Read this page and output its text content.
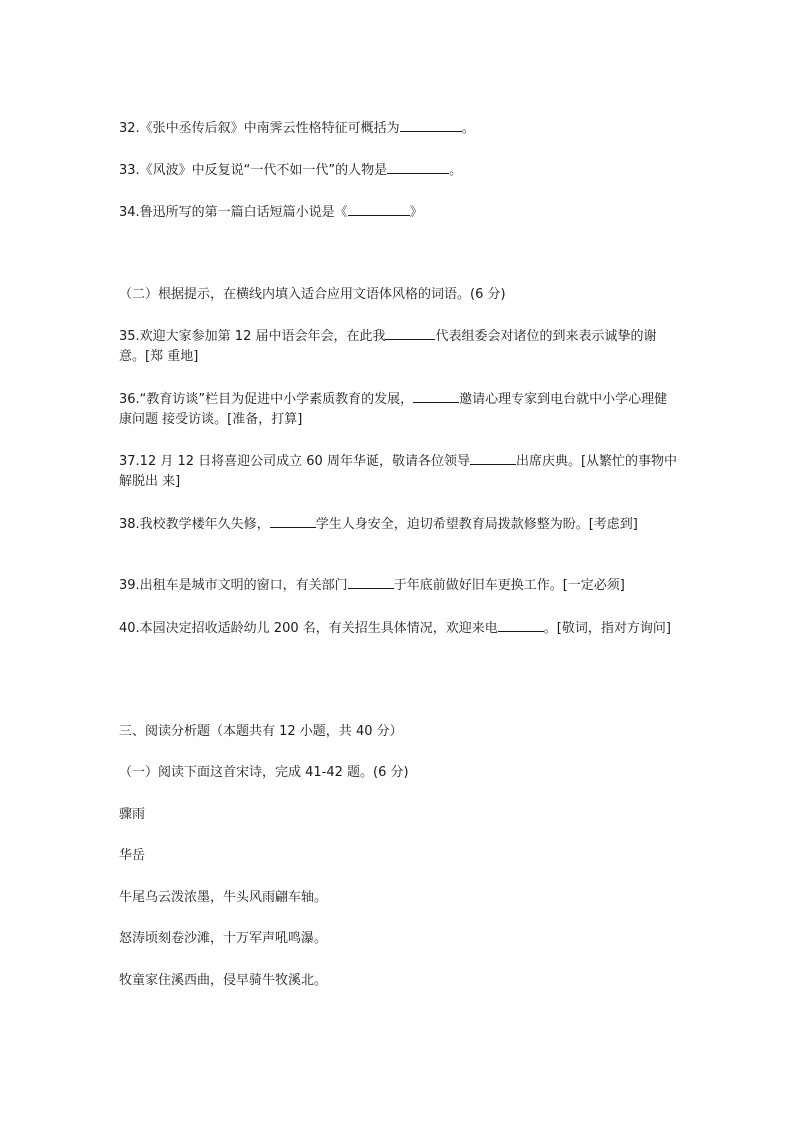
32.《张中丞传后叙》中南霁云性格特征可概括为	。
33.《风波》中反复说“一代不如一代”的人物是	。
34.鲁迅所写的第一篇白话短篇小说是《	》
（二）根据提示，在横线内填入适合应用文语体风格的词语。(6 分)
35.欢迎大家参加第 12 届中语会年会，在此我	代表组委会对诸位的到来表示诚挚的谢意。[郑 重地]
36.“教育访谈”栏目为促进中小学素质教育的发展，	邀请心理专家到电台就中小学心理健康问题 接受访谈。[准备，打算]
37.12 月 12 日将喜迎公司成立 60 周年华诞，敬请各位领导	出席庆典。[从繁忙的事物中解脱出 来]
38.我校教学楼年久失修，	学生人身安全，迫切希望教育局拨款修整为盼。[考虑到]
39.出租车是城市文明的窗口，有关部门	于年底前做好旧车更换工作。[一定必须]
40.本园决定招收适龄幼儿 200 名，有关招生具体情况，欢迎来电	。[敬词，指对方询问]
三、阅读分析题（本题共有 12 小题，共 40 分）
（一）阅读下面这首宋诗，完成 41-42 题。(6 分)
骤雨
华岳
牛尾乌云泼浓墨，牛头风雨翩车轴。
怒涛顷刻卷沙滩，十万军声吼鸣瀑。
牧童家住溪西曲，侵早骑牛牧溪北。
